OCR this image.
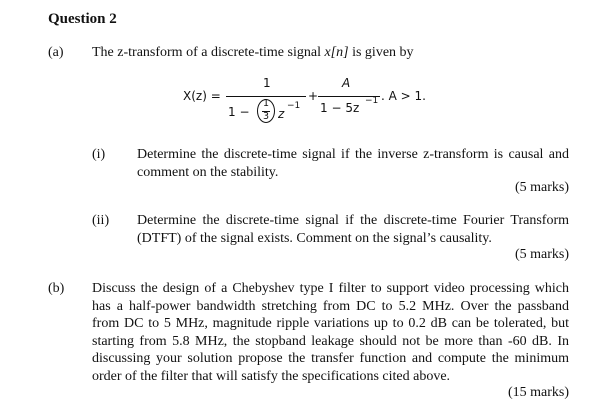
Question 2
(a)	The z-transform of a discrete-time signal x[n] is given by
X(z) =
1
1 −
1
3 z
−1
+
A
1 − 5z −1 . A > 1.
(i) Determine the discrete-time signal if the inverse z-transform is causal and comment on the stability.
(5 marks)
(ii) Determine the discrete-time signal if the discrete-time Fourier Transform (DTFT) of the signal exists. Comment on the signal’s causality.
(5 marks)
(b)	Discuss the design of a Chebyshev type I filter to support video processing which has a half-power bandwidth stretching from DC to 5.2 MHz. Over the passband from DC to 5 MHz, magnitude ripple variations up to 0.2 dB can be tolerated, but starting from 5.8 MHz, the stopband leakage should not be more than -60 dB. In discussing your solution propose the transfer function and compute the minimum order of the filter that will satisfy the specifications cited above.
(15 marks)
